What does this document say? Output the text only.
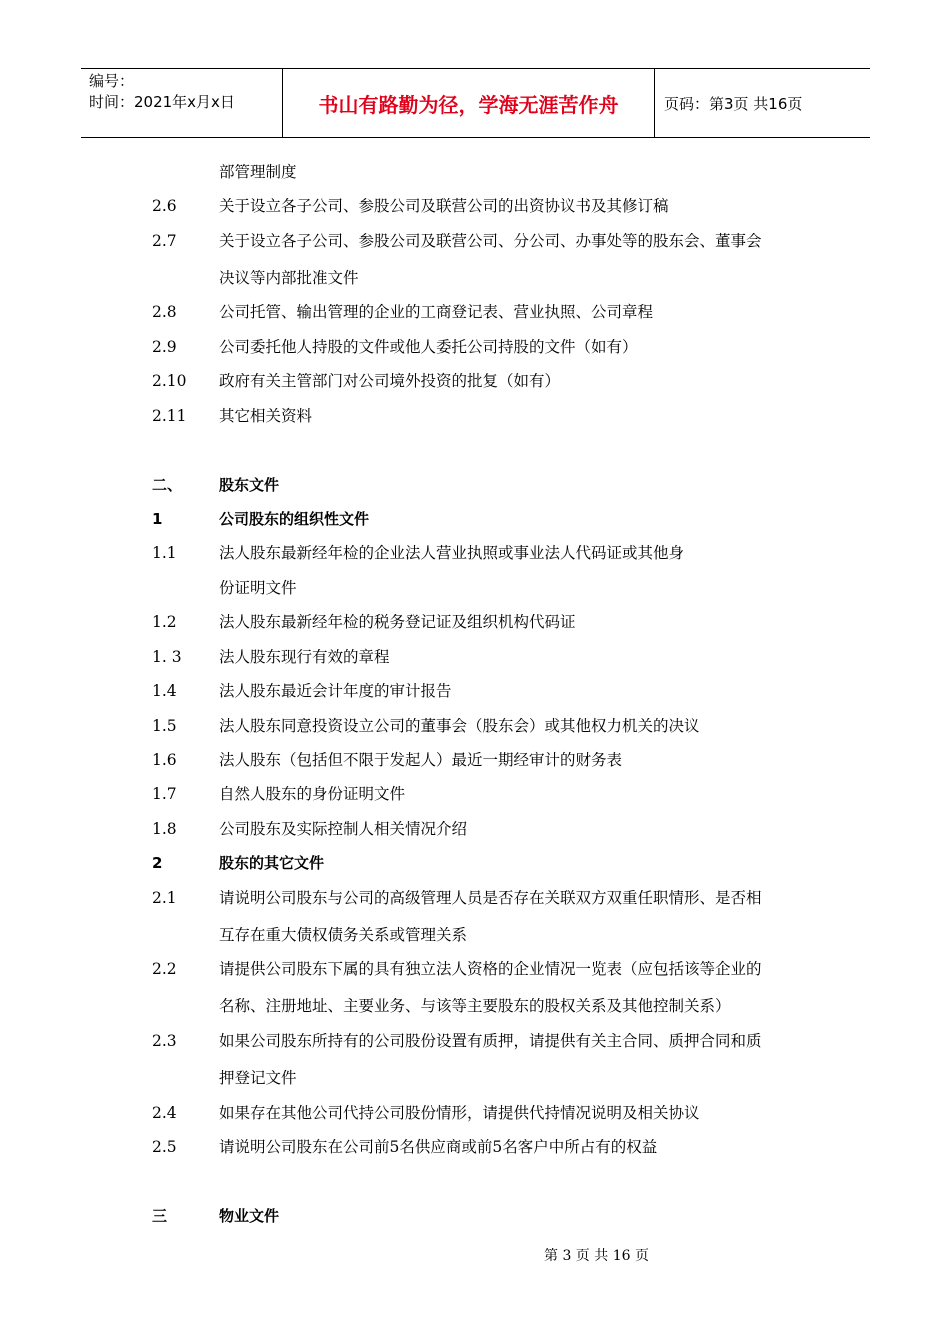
编号：
时间：2021年x月x日	书山有路勤为径，学海无涯苦作舟	页码：第3页 共16页
部管理制度
2.6	关于设立各子公司、参股公司及联营公司的出资协议书及其修订稿
2.7	关于设立各子公司、参股公司及联营公司、分公司、办事处等的股东会、董事会
决议等内部批准文件
2.8	公司托管、输出管理的企业的工商登记表、营业执照、公司章程
2.9	公司委托他人持股的文件或他人委托公司持股的文件（如有）
2.10 政府有关主管部门对公司境外投资的批复（如有）
2.11 其它相关资料
二、 股东文件
1	公司股东的组织性文件
1.1	法人股东最新经年检的企业法人营业执照或事业法人代码证或其他身
份证明文件
1.2	法人股东最新经年检的税务登记证及组织机构代码证
1. 3 法人股东现行有效的章程
1.4	法人股东最近会计年度的审计报告
1.5	法人股东同意投资设立公司的董事会（股东会）或其他权力机关的决议
1.6	法人股东（包括但不限于发起人）最近一期经审计的财务表
1.7	自然人股东的身份证明文件
1.8	公司股东及实际控制人相关情况介绍
2	股东的其它文件
2.1	请说明公司股东与公司的高级管理人员是否存在关联双方双重任职情形、是否相
互存在重大债权债务关系或管理关系
2.2	请提供公司股东下属的具有独立法人资格的企业情况一览表（应包括该等企业的
名称、注册地址、主要业务、与该等主要股东的股权关系及其他控制关系）
2.3	如果公司股东所持有的公司股份设置有质押，请提供有关主合同、质押合同和质
押登记文件
2.4	如果存在其他公司代持公司股份情形，请提供代持情况说明及相关协议
2.5	请说明公司股东在公司前5名供应商或前5名客户中所占有的权益
三	物业文件
第 3 页 共 16 页
